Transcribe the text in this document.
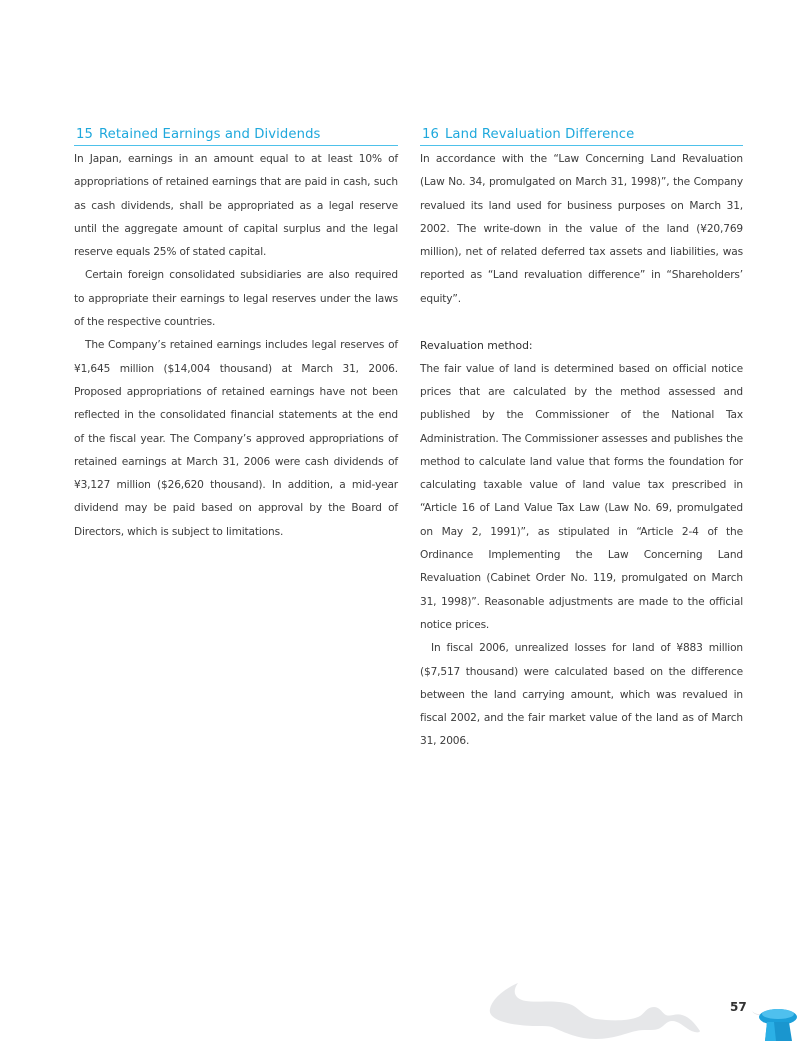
15 Retained Earnings and Dividends

In Japan, earnings in an amount equal to at least 10% of appropriations of retained earnings that are paid in cash, such as cash dividends, shall be appropriated as a legal reserve until the aggregate amount of capital surplus and the legal reserve equals 25% of stated capital.

Certain foreign consolidated subsidiaries are also required to appropriate their earnings to legal reserves under the laws of the respective countries.

The Company’s retained earnings includes legal reserves of ¥1,645 million ($14,004 thousand) at March 31, 2006. Proposed appropriations of retained earnings have not been reflected in the consolidated financial statements at the end of the fiscal year. The Company’s approved appropriations of retained earnings at March 31, 2006 were cash dividends of ¥3,127 million ($26,620 thousand). In addition, a mid-year dividend may be paid based on approval by the Board of Directors, which is subject to limitations.

16 Land Revaluation Difference

In accordance with the “Law Concerning Land Revaluation (Law No. 34, promulgated on March 31, 1998)”, the Company revalued its land used for business purposes on March 31, 2002. The write-down in the value of the land (¥20,769 million), net of related deferred tax assets and liabilities, was reported as “Land revaluation difference” in “Shareholders’ equity”.

Revaluation method:

The fair value of land is determined based on official notice prices that are calculated by the method assessed and published by the Commissioner of the National Tax Administration. The Commissioner assesses and publishes the method to calculate land value that forms the foundation for calculating taxable value of land value tax prescribed in “Article 16 of Land Value Tax Law (Law No. 69, promulgated on May 2, 1991)”, as stipulated in “Article 2-4 of the Ordinance Implementing the Law Concerning Land Revaluation (Cabinet Order No. 119, promulgated on March 31, 1998)”. Reasonable adjustments are made to the official notice prices.

In fiscal 2006, unrealized losses for land of ¥883 million ($7,517 thousand) were calculated based on the difference between the land carrying amount, which was revalued in fiscal 2002, and the fair market value of the land as of March 31, 2006.

57
